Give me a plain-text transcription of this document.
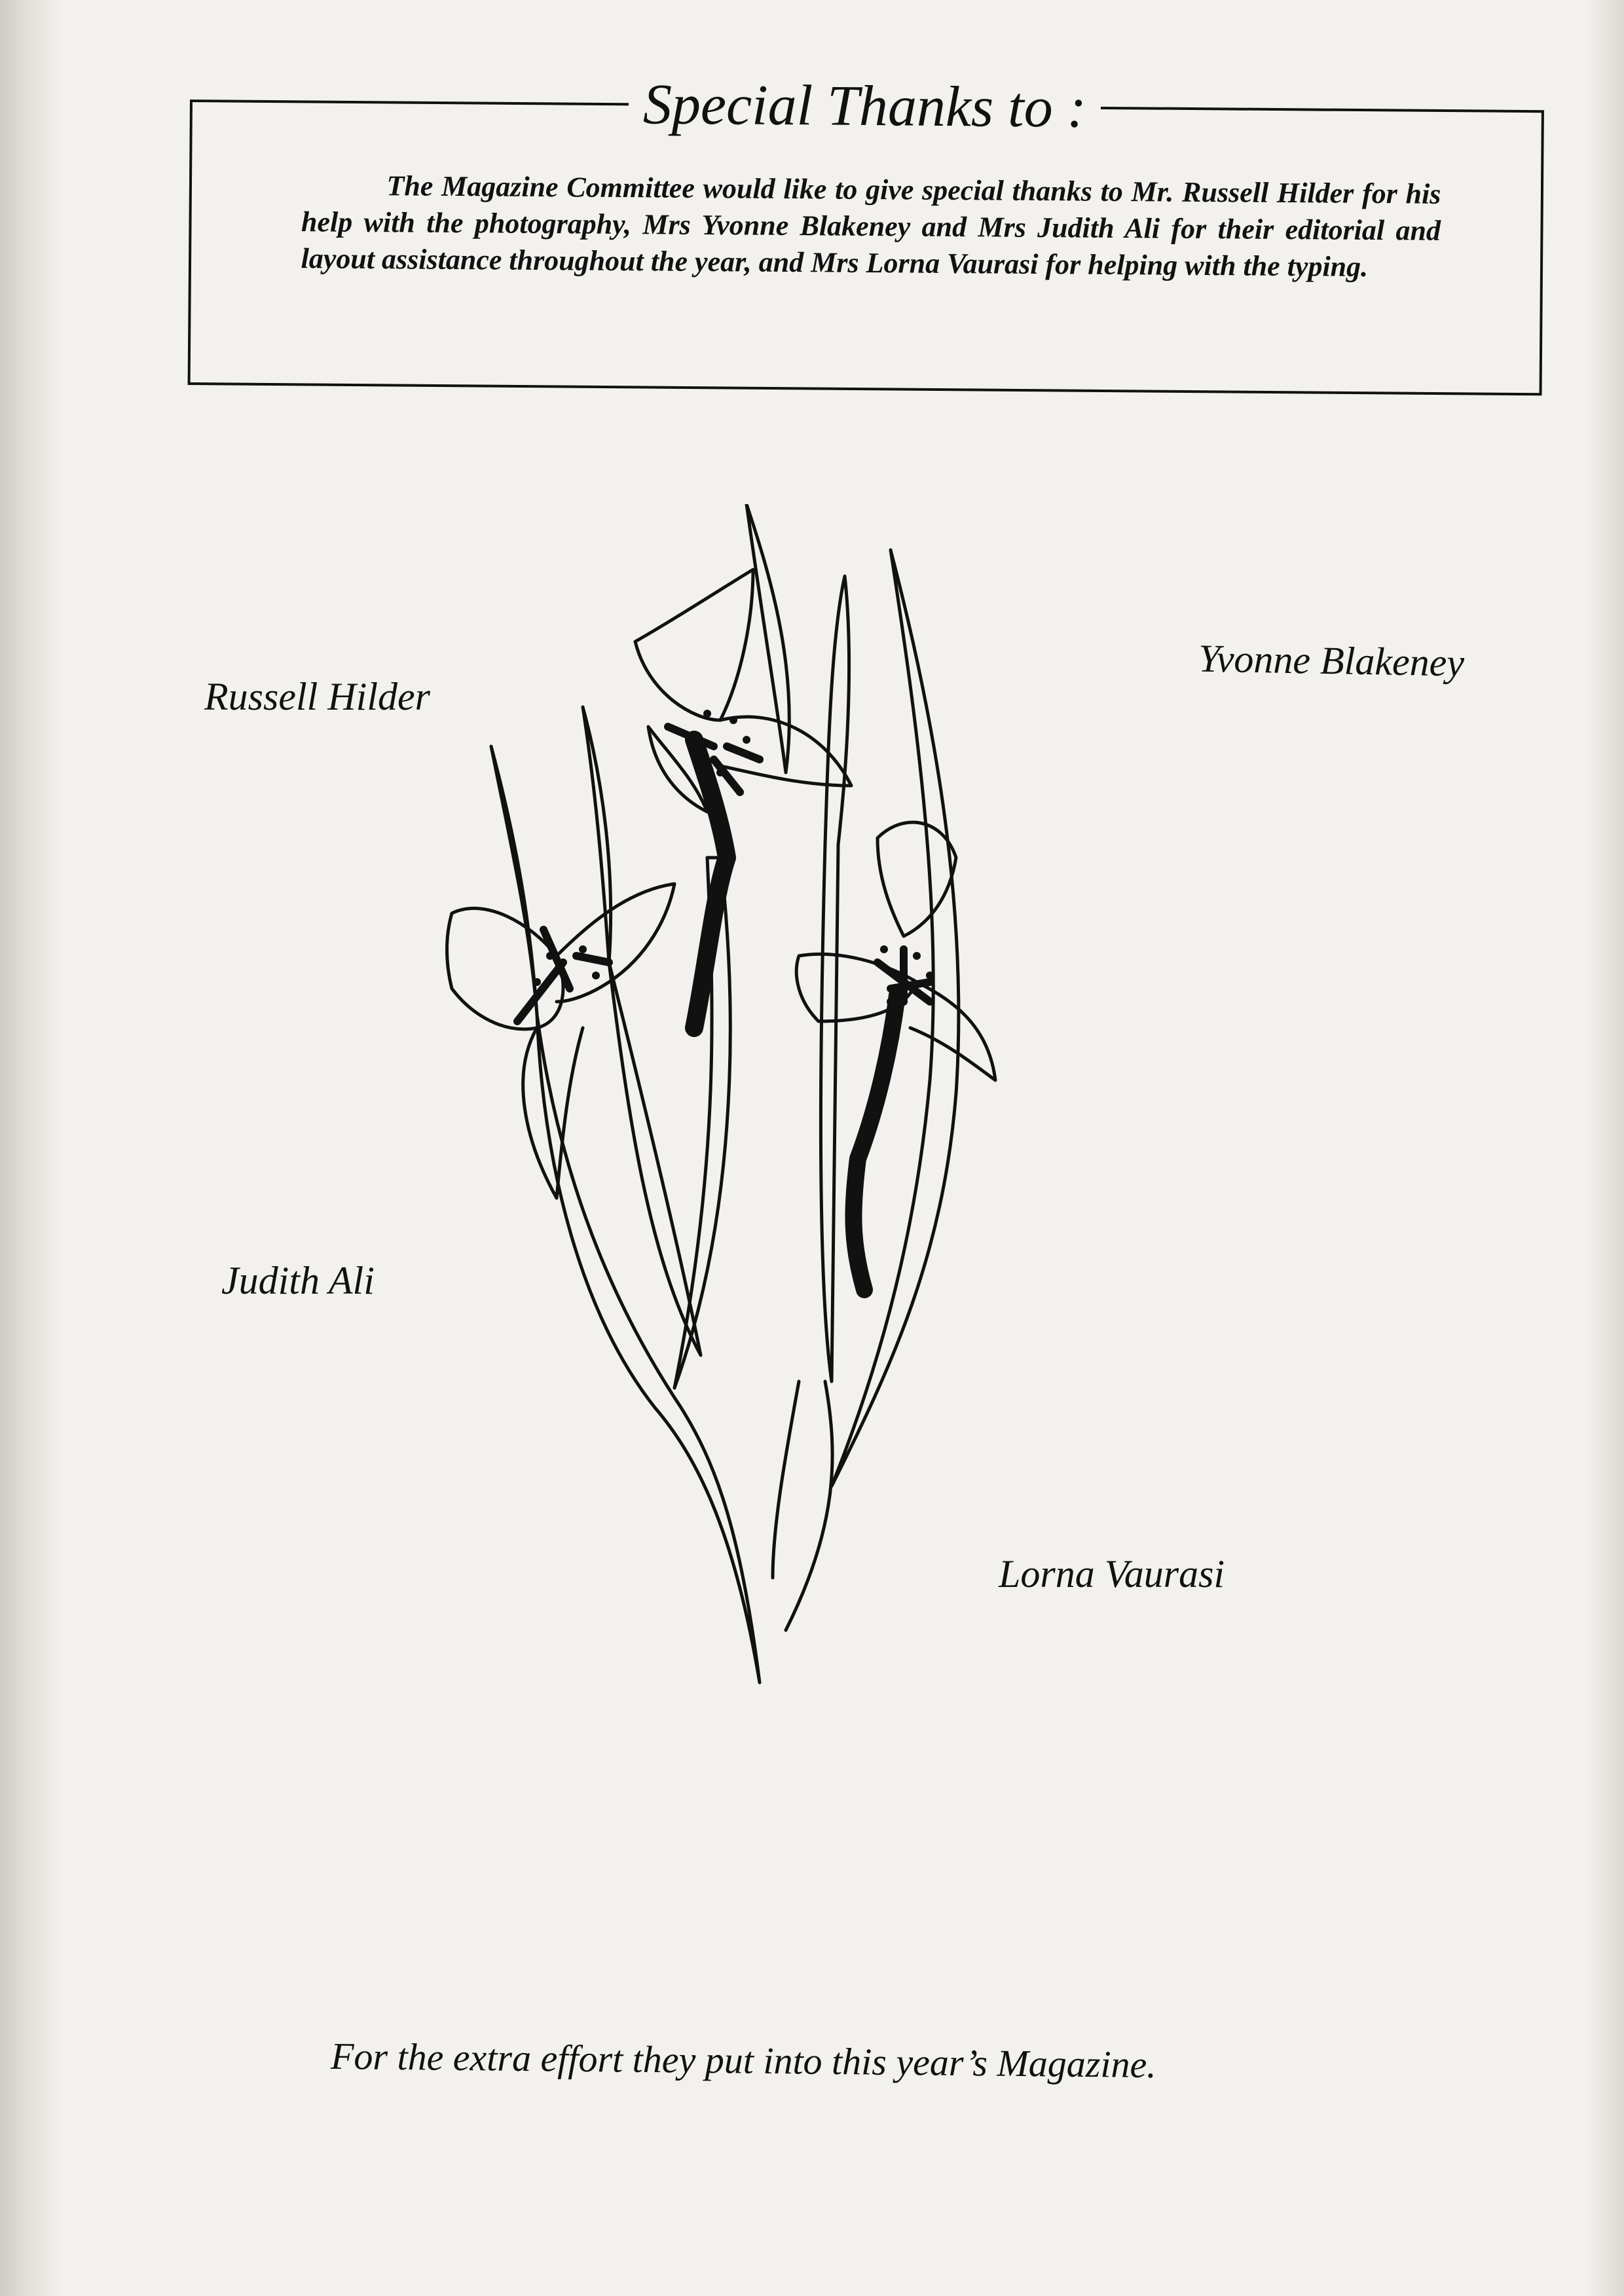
Special Thanks to :
The Magazine Committee would like to give special thanks to Mr. Russell Hilder for his help with the photography, Mrs Yvonne Blakeney and Mrs Judith Ali for their editorial and layout assistance throughout the year, and Mrs Lorna Vaurasi for helping with the typing.
Russell Hilder
Yvonne Blakeney
Judith Ali
Lorna Vaurasi
For the extra effort they put into this year’s Magazine.
